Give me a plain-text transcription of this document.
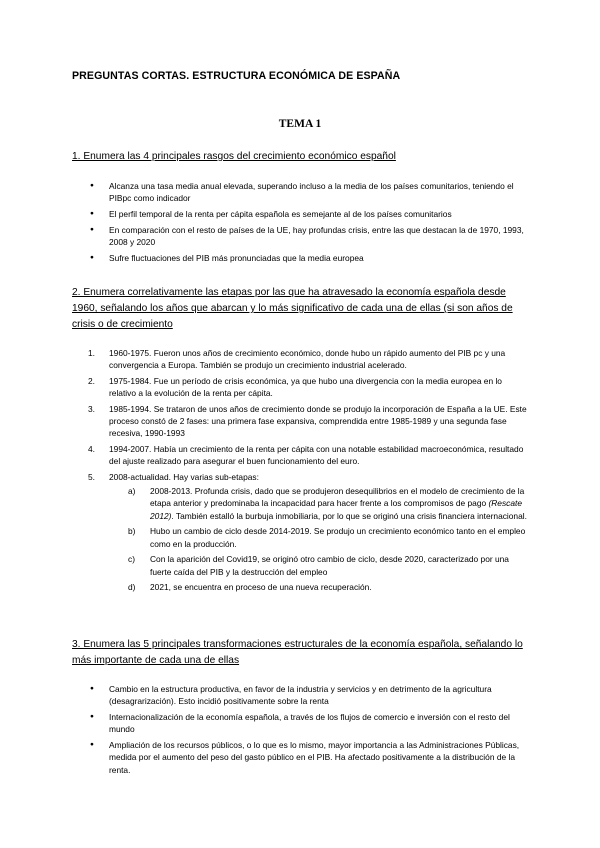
PREGUNTAS CORTAS. ESTRUCTURA ECONÓMICA DE ESPAÑA
TEMA 1
1. Enumera las 4 principales rasgos del crecimiento económico español
● Alcanza una tasa media anual elevada, superando incluso a la media de los países comunitarios, teniendo el PIBpc como indicador
● El perfil temporal de la renta per cápita española es semejante al de los países comunitarios
● En comparación con el resto de países de la UE, hay profundas crisis, entre las que destacan la de 1970, 1993, 2008 y 2020
● Sufre fluctuaciones del PIB más pronunciadas que la media europea
2. Enumera correlativamente las etapas por las que ha atravesado la economía española desde 1960, señalando los años que abarcan y lo más significativo de cada una de ellas (si son años de crisis o de crecimiento
1. 1960-1975. Fueron unos años de crecimiento económico, donde hubo un rápido aumento del PIB pc y una convergencia a Europa. También se produjo un crecimiento industrial acelerado.
2. 1975-1984. Fue un período de crisis económica, ya que hubo una divergencia con la media europea en lo relativo a la evolución de la renta per cápita.
3. 1985-1994. Se trataron de unos años de crecimiento donde se produjo la incorporación de España a la UE. Este proceso constó de 2 fases: una primera fase expansiva, comprendida entre 1985-1989 y una segunda fase recesiva, 1990-1993
4. 1994-2007. Había un crecimiento de la renta per cápita con una notable estabilidad macroeconómica, resultado del ajuste realizado para asegurar el buen funcionamiento del euro.
5. 2008-actualidad. Hay varias sub-etapas:
a) 2008-2013. Profunda crisis, dado que se produjeron desequilibrios en el modelo de crecimiento de la etapa anterior y predominaba la incapacidad para hacer frente a los compromisos de pago (Rescate 2012). También estalló la burbuja inmobiliaria, por lo que se originó una crisis financiera internacional.
b) Hubo un cambio de ciclo desde 2014-2019. Se produjo un crecimiento económico tanto en el empleo como en la producción.
c) Con la aparición del Covid19, se originó otro cambio de ciclo, desde 2020, caracterizado por una fuerte caída del PIB y la destrucción del empleo
d) 2021, se encuentra en proceso de una nueva recuperación.
3. Enumera las 5 principales transformaciones estructurales de la economía española, señalando lo más importante de cada una de ellas
● Cambio en la estructura productiva, en favor de la industria y servicios y en detrimento de la agricultura (desagrarización). Esto incidió positivamente sobre la renta
● Internacionalización de la economía española, a través de los flujos de comercio e inversión con el resto del mundo
● Ampliación de los recursos públicos, o lo que es lo mismo, mayor importancia a las Administraciones Públicas, medida por el aumento del peso del gasto público en el PIB. Ha afectado positivamente a la distribución de la renta.
